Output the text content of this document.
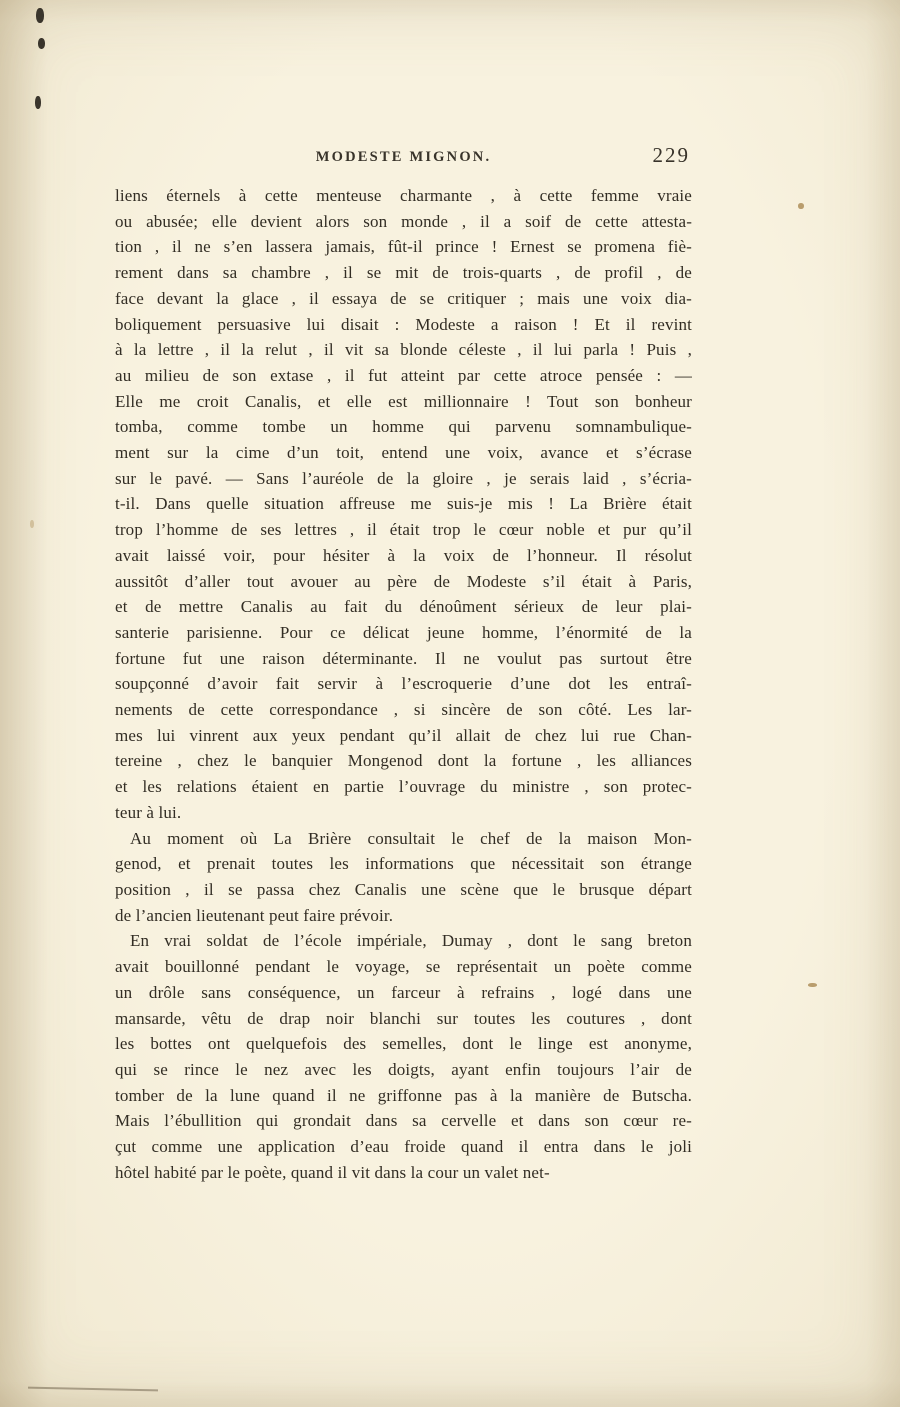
MODESTE MIGNON.	229
liens éternels à cette menteuse charmante , à cette femme vraie
ou abusée; elle devient alors son monde , il a soif de cette attesta-
tion , il ne s’en lassera jamais, fût-il prince ! Ernest se promena fiè-
rement dans sa chambre , il se mit de trois-quarts , de profil , de
face devant la glace , il essaya de se critiquer ; mais une voix dia-
boliquement persuasive lui disait : Modeste a raison ! Et il revint
à la lettre , il la relut , il vit sa blonde céleste , il lui parla ! Puis ,
au milieu de son extase , il fut atteint par cette atroce pensée : —
Elle me croit Canalis, et elle est millionnaire ! Tout son bonheur
tomba, comme tombe un homme qui parvenu somnambulique-
ment sur la cime d’un toit, entend une voix, avance et s’écrase
sur le pavé. — Sans l’auréole de la gloire , je serais laid , s’écria-
t-il. Dans quelle situation affreuse me suis-je mis ! La Brière était
trop l’homme de ses lettres , il était trop le cœur noble et pur qu’il
avait laissé voir, pour hésiter à la voix de l’honneur. Il résolut
aussitôt d’aller tout avouer au père de Modeste s’il était à Paris,
et de mettre Canalis au fait du dénoûment sérieux de leur plai-
santerie parisienne. Pour ce délicat jeune homme, l’énormité de la
fortune fut une raison déterminante. Il ne voulut pas surtout être
soupçonné d’avoir fait servir à l’escroquerie d’une dot les entraî-
nements de cette correspondance , si sincère de son côté. Les lar-
mes lui vinrent aux yeux pendant qu’il allait de chez lui rue Chan-
tereine , chez le banquier Mongenod dont la fortune , les alliances
et les relations étaient en partie l’ouvrage du ministre , son protec-
teur à lui.
Au moment où La Brière consultait le chef de la maison Mon-
genod, et prenait toutes les informations que nécessitait son étrange
position , il se passa chez Canalis une scène que le brusque départ
de l’ancien lieutenant peut faire prévoir.
En vrai soldat de l’école impériale, Dumay , dont le sang breton
avait bouillonné pendant le voyage, se représentait un poète comme
un drôle sans conséquence, un farceur à refrains , logé dans une
mansarde, vêtu de drap noir blanchi sur toutes les coutures , dont
les bottes ont quelquefois des semelles, dont le linge est anonyme,
qui se rince le nez avec les doigts, ayant enfin toujours l’air de
tomber de la lune quand il ne griffonne pas à la manière de Butscha.
Mais l’ébullition qui grondait dans sa cervelle et dans son cœur re-
çut comme une application d’eau froide quand il entra dans le joli
hôtel habité par le poète, quand il vit dans la cour un valet net-
